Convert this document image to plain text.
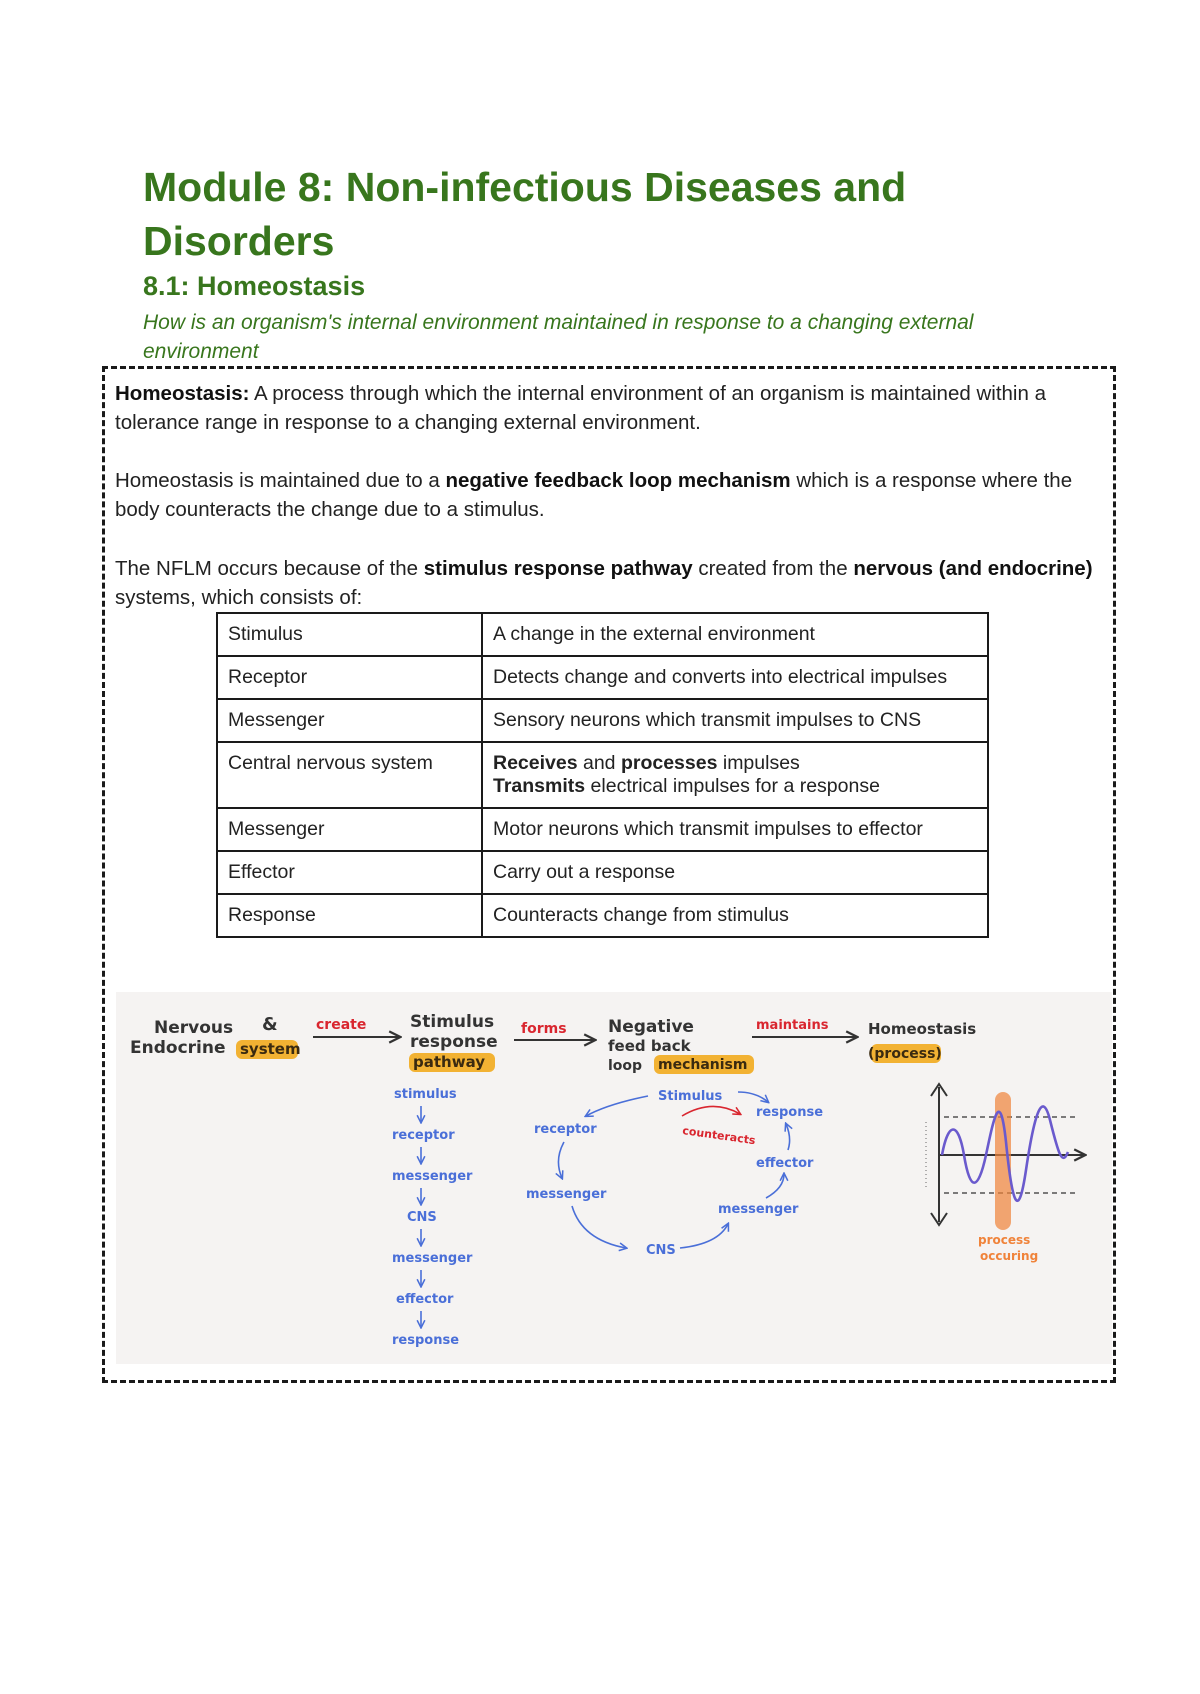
Module 8: Non-infectious Diseases and Disorders
8.1: Homeostasis

How is an organism's internal environment maintained in response to a changing external environment

Homeostasis: A process through which the internal environment of an organism is maintained within a tolerance range in response to a changing external environment.

Homeostasis is maintained due to a negative feedback loop mechanism which is a response where the body counteracts the change due to a stimulus.

The NFLM occurs because of the stimulus response pathway created from the nervous (and endocrine) systems, which consists of:

Stimulus	A change in the external environment
Receptor	Detects change and converts into electrical impulses
Messenger	Sensory neurons which transmit impulses to CNS
Central nervous system	Receives and processes impulses
Transmits electrical impulses for a response
Messenger	Motor neurons which transmit impulses to effector
Effector	Carry out a response
Response	Counteracts change from stimulus
Nervous &
Endocrine system
create	Stimulus
response
pathway
forms Negative
feed back
loop mechanism
maintains	Homeostasis
(process)
stimulus
receptor
messenger
CNS
messenger
effector
response
Stimulus
receptor
messenger
CNS
messenger
effector
response
counteracts
process
occuring
